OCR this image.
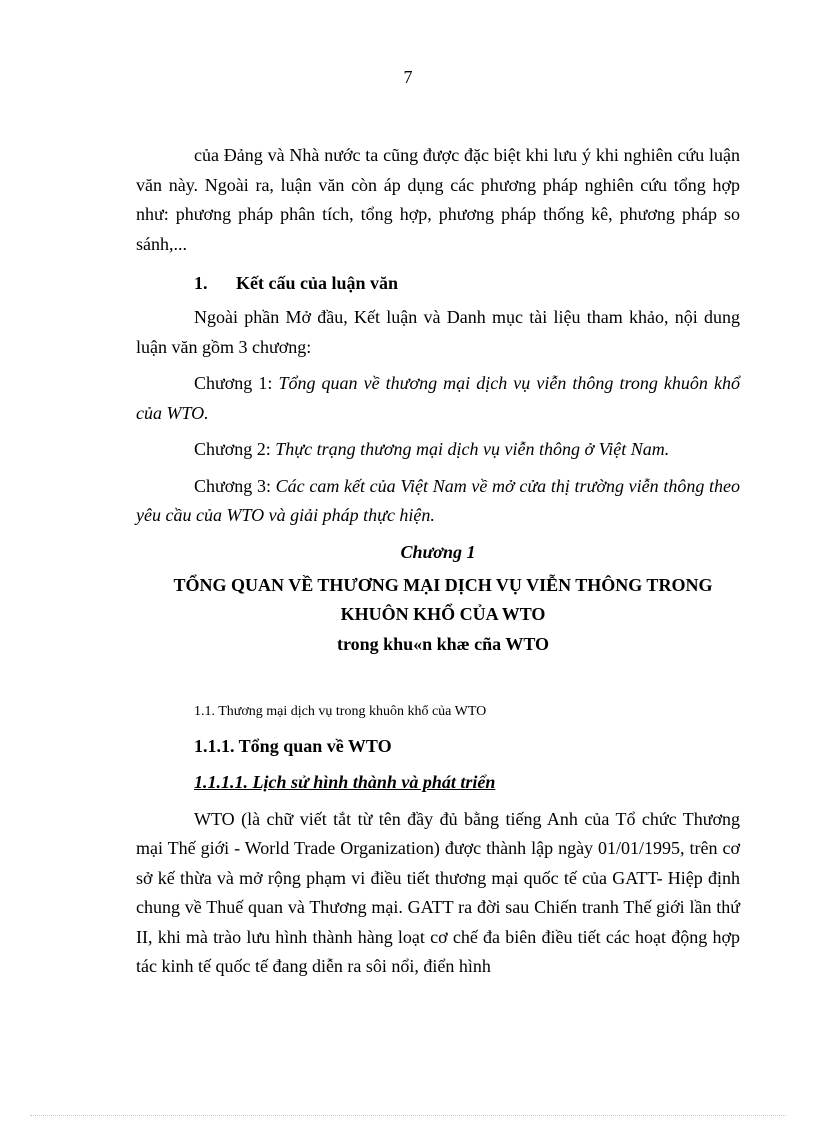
7

của Đảng và Nhà nước ta cũng được đặc biệt khi lưu ý khi nghiên cứu luận văn này. Ngoài ra, luận văn còn áp dụng các phương pháp nghiên cứu tổng hợp như: phương pháp phân tích, tổng hợp, phương pháp thống kê, phương pháp so sánh,...

1. Kết cấu của luận văn

Ngoài phần Mở đầu, Kết luận và Danh mục tài liệu tham khảo, nội dung luận văn gồm 3 chương:

Chương 1: Tổng quan về thương mại dịch vụ viễn thông trong khuôn khổ của WTO.

Chương 2: Thực trạng thương mại dịch vụ viễn thông ở Việt Nam.

Chương 3: Các cam kết của Việt Nam về mở cửa thị trường viễn thông theo yêu cầu của WTO và giải pháp thực hiện.

Chương 1

TỔNG QUAN VỀ THƯƠNG MẠI DỊCH VỤ VIỄN THÔNG TRONG KHUÔN KHỔ CỦA WTO

trong khu«n khæ cña WTO

1.1. Thương mại dịch vụ trong khuôn khổ của WTO

1.1.1. Tổng quan về WTO

1.1.1.1. Lịch sử hình thành và phát triển

WTO (là chữ viết tắt từ tên đầy đủ bằng tiếng Anh của Tổ chức Thương mại Thế giới - World Trade Organization) được thành lập ngày 01/01/1995, trên cơ sở kế thừa và mở rộng phạm vi điều tiết thương mại quốc tế của GATT- Hiệp định chung về Thuế quan và Thương mại. GATT ra đời sau Chiến tranh Thế giới lần thứ II, khi mà trào lưu hình thành hàng loạt cơ chế đa biên điều tiết các hoạt động hợp tác kinh tế quốc tế đang diễn ra sôi nổi, điển hình
